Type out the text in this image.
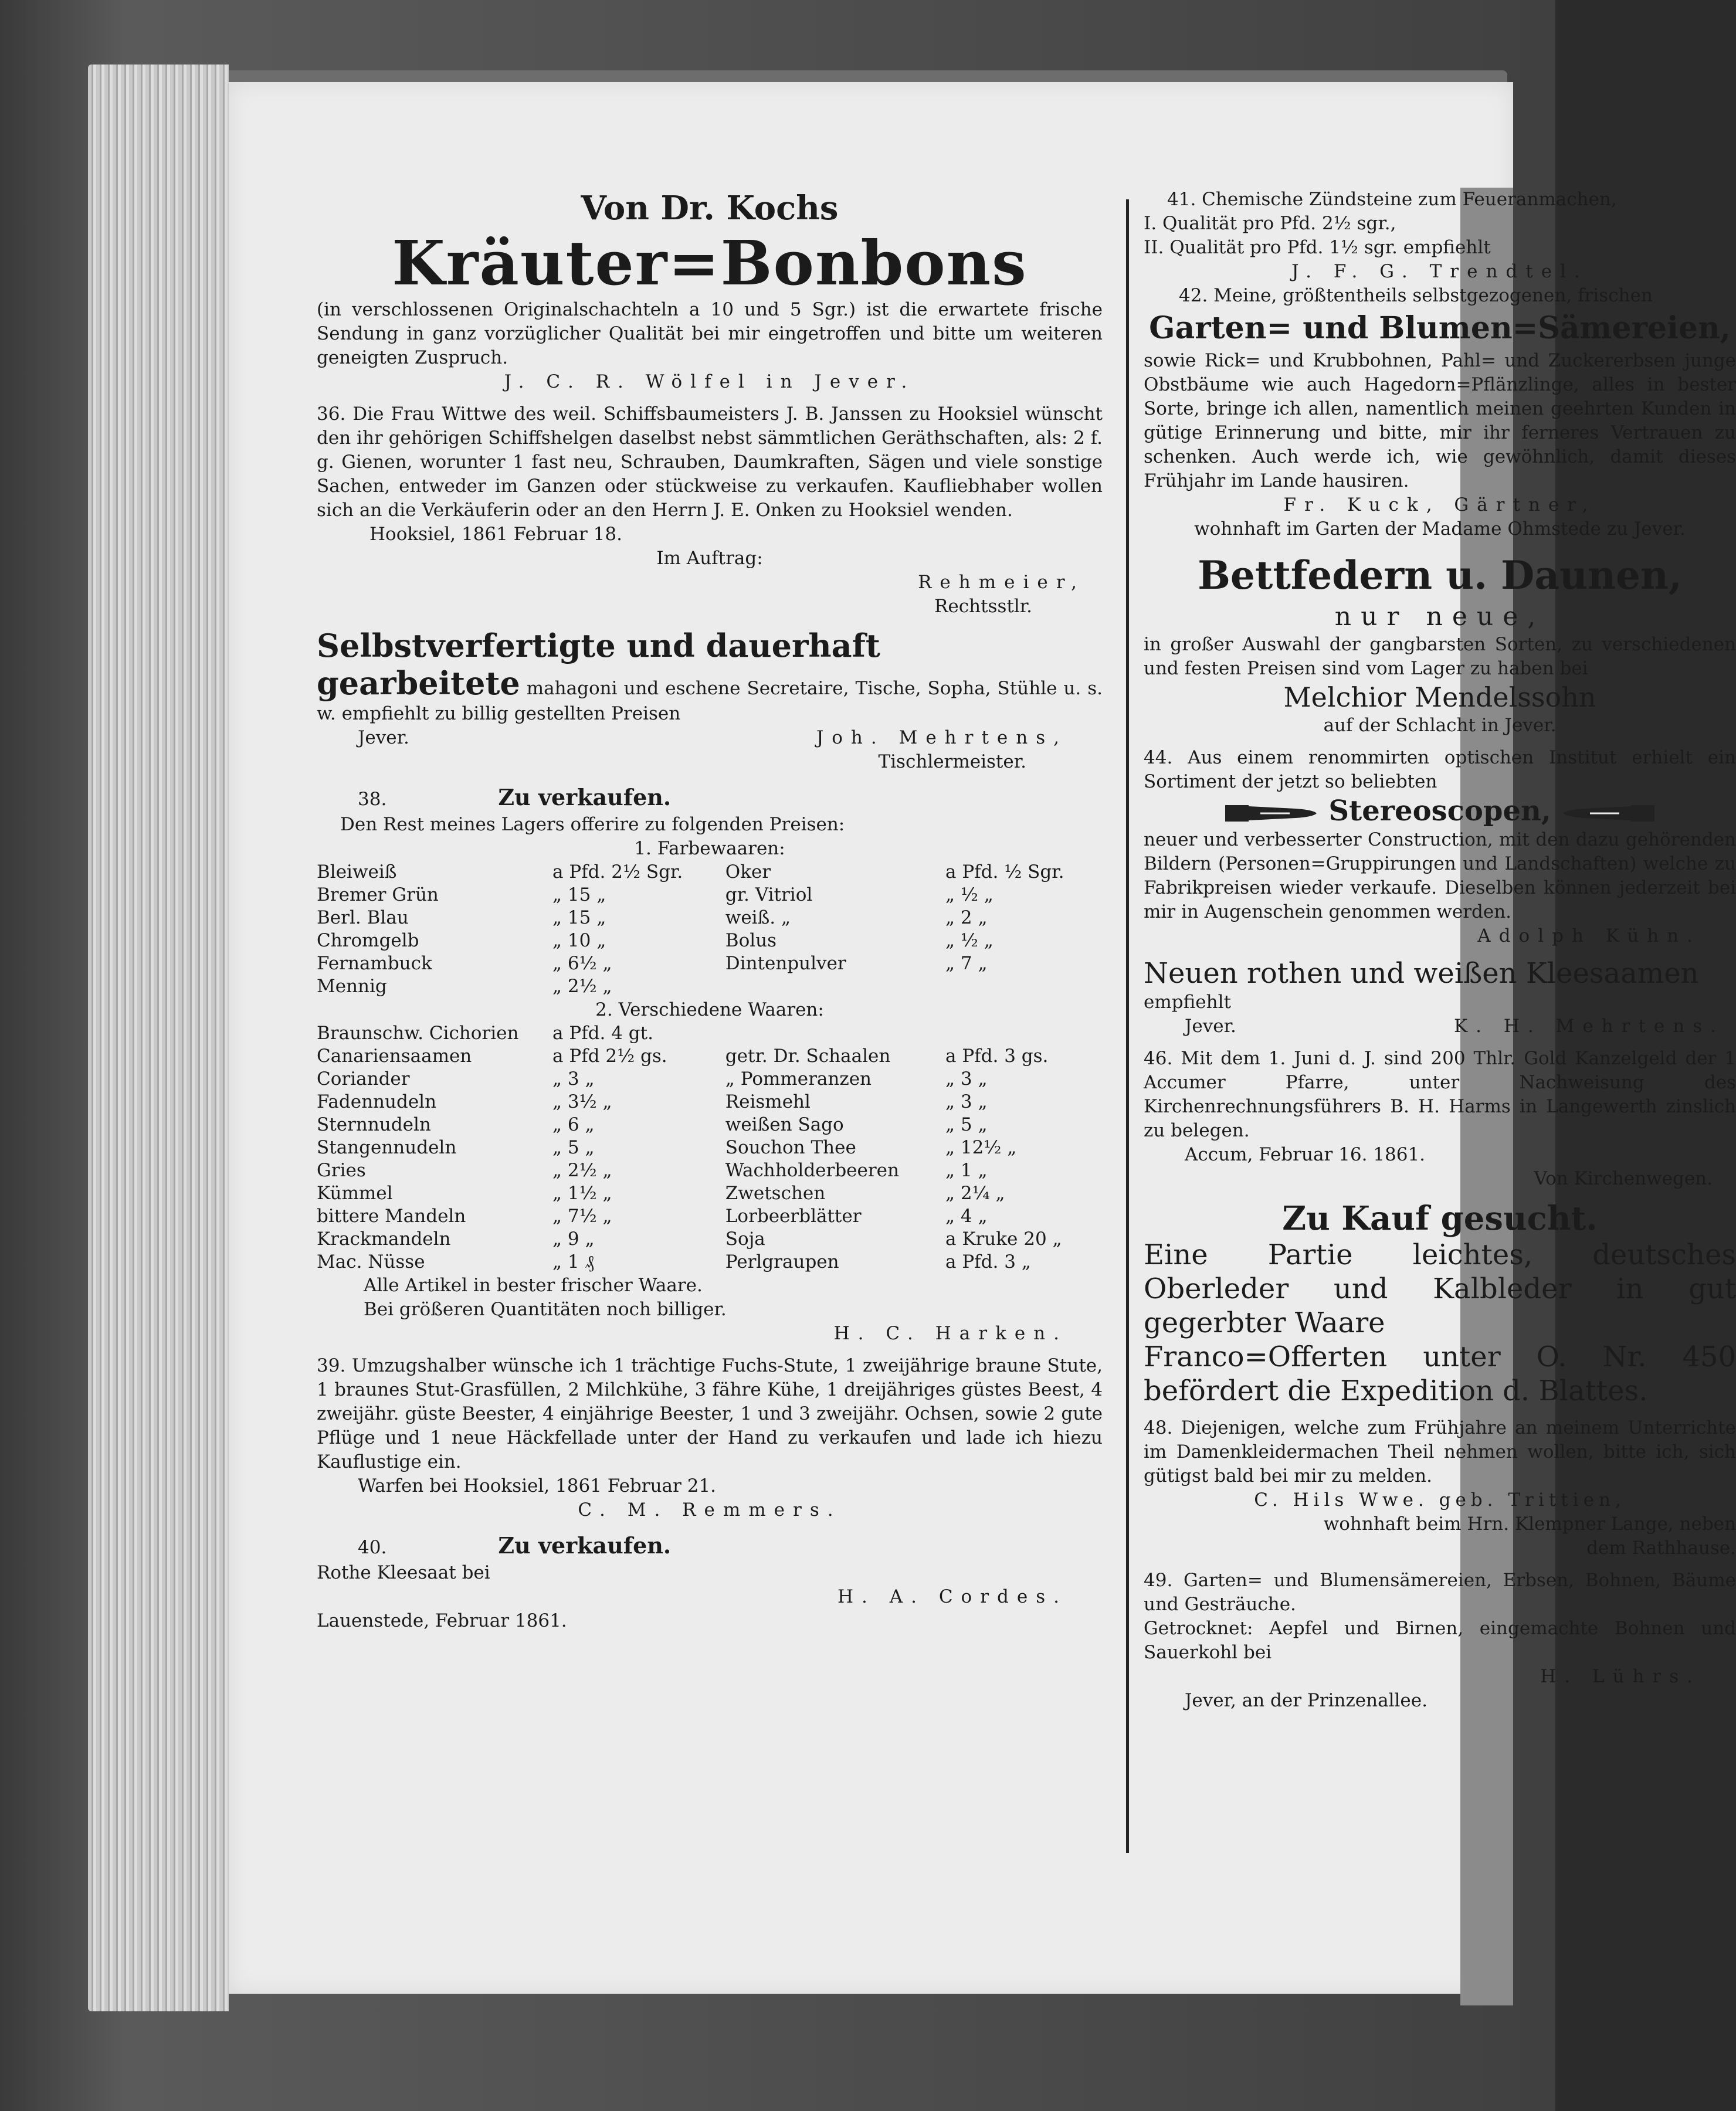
Von Dr. Kochs

Kräuter=Bonbons

(in verschlossenen Originalschachteln a 10 und 5 Sgr.) ist die erwartete frische Sendung in ganz vorzüglicher Qualität bei mir eingetroffen und bitte um weiteren geneigten Zuspruch.

J. C. R. Wölfel in Jever.

36. Die Frau Wittwe des weil. Schiffsbaumeisters J. B. Janssen zu Hooksiel wünscht den ihr gehörigen Schiffshelgen daselbst nebst sämmtlichen Geräthschaften, als: 2 f. g. Gienen, worunter 1 fast neu, Schrauben, Daumkraften, Sägen und viele sonstige Sachen, entweder im Ganzen oder stückweise zu verkaufen. Kaufliebhaber wollen sich an die Verkäuferin oder an den Herrn J. E. Onken zu Hooksiel wenden.

Hooksiel, 1861 Februar 18.

Im Auftrag:

Rehmeier,

Rechtsstlr.

Selbstverfertigte und dauerhaft

gearbeitete mahagoni und eschene Secretaire, Tische, Sopha, Stühle u. s. w. empfiehlt zu billig gestellten Preisen

Jever.	Joh. Mehrtens,

Tischlermeister.

38.	Zu verkaufen.

Den Rest meines Lagers offerire zu folgenden Preisen:

1. Farbewaaren:

Bleiweiß	a Pfd. 2½ Sgr.	Oker	a Pfd. ½ Sgr.
Bremer Grün	„ 15 „	gr. Vitriol	„ ½ „
Berl. Blau	„ 15 „	weiß. „	„ 2 „
Chromgelb	„ 10 „	Bolus	„ ½ „
Fernambuck	„ 6½ „	Dintenpulver	„ 7 „
Mennig	„ 2½ „		

2. Verschiedene Waaren:

Braunschw. Cichorien	a Pfd. 4 gt.		
Canariensaamen	a Pfd 2½ gs.	getr. Dr. Schaalen	a Pfd. 3 gs.
Coriander	„ 3 „	„ Pommeranzen	„ 3 „
Fadennudeln	„ 3½ „	Reismehl	„ 3 „
Sternnudeln	„ 6 „	weißen Sago	„ 5 „
Stangennudeln	„ 5 „	Souchon Thee	„ 12½ „
Gries	„ 2½ „	Wachholderbeeren	„ 1 „
Kümmel	„ 1½ „	Zwetschen	„ 2¼ „
bittere Mandeln	„ 7½ „	Lorbeerblätter	„ 4 „
Krackmandeln	„ 9 „	Soja	a Kruke 20 „
Mac. Nüsse	„ 1 ₰	Perlgraupen	a Pfd. 3 „

Alle Artikel in bester frischer Waare.

Bei größeren Quantitäten noch billiger.

H. C. Harken.

39. Umzugshalber wünsche ich 1 trächtige Fuchs-Stute, 1 zweijährige braune Stute, 1 braunes Stut-Grasfüllen, 2 Milchkühe, 3 fähre Kühe, 1 dreijähriges güstes Beest, 4 zweijähr. güste Beester, 4 einjährige Beester, 1 und 3 zweijähr. Ochsen, sowie 2 gute Pflüge und 1 neue Häckfellade unter der Hand zu verkaufen und lade ich hiezu Kauflustige ein.

Warfen bei Hooksiel, 1861 Februar 21.

C. M. Remmers.

40.	Zu verkaufen.

Rothe Kleesaat bei

H. A. Cordes.

Lauenstede, Februar 1861.

41. Chemische Zündsteine zum Feueranmachen,

I. Qualität pro Pfd. 2½ sgr.,

II. Qualität pro Pfd. 1½ sgr. empfiehlt

J. F. G. Trendtel.

42. Meine, größtentheils selbstgezogenen, frischen

Garten= und Blumen=Sämereien,

sowie Rick= und Krubbohnen, Pahl= und Zuckererbsen junge Obstbäume wie auch Hagedorn=Pflänzlinge, alles in bester Sorte, bringe ich allen, namentlich meinen geehrten Kunden in gütige Erinnerung und bitte, mir ihr ferneres Vertrauen zu schenken. Auch werde ich, wie gewöhnlich, damit dieses Frühjahr im Lande hausiren.

Fr. Kuck, Gärtner,

wohnhaft im Garten der Madame Ohmstede zu Jever.

Bettfedern u. Daunen,

nur neue,

in großer Auswahl der gangbarsten Sorten, zu verschiedenen und festen Preisen sind vom Lager zu haben bei

Melchior Mendelssohn

auf der Schlacht in Jever.

44. Aus einem renommirten optischen Institut erhielt ein Sortiment der jetzt so beliebten

Stereoscopen,

neuer und verbesserter Construction, mit den dazu gehörenden Bildern (Personen=Gruppirungen und Landschaften) welche zu Fabrikpreisen wieder verkaufe. Dieselben können jederzeit bei mir in Augenschein genommen werden.

Adolph Kühn.

Neuen rothen und weißen Kleesaamen

empfiehlt

Jever.	K. H. Mehrtens.

46. Mit dem 1. Juni d. J. sind 200 Thlr. Gold Kanzelgeld der 1 Accumer Pfarre, unter Nachweisung des Kirchenrechnungsführers B. H. Harms in Langewerth zinslich zu belegen.

Accum, Februar 16. 1861.

Von Kirchenwegen.

Zu Kauf gesucht.

Eine Partie leichtes, deutsches Oberleder und Kalbleder in gut gegerbter Waare

Franco=Offerten unter O. Nr. 450 befördert die Expedition d. Blattes.

48. Diejenigen, welche zum Frühjahre an meinem Unterrichte im Damenkleidermachen Theil nehmen wollen, bitte ich, sich gütigst bald bei mir zu melden.

C. Hils Wwe. geb. Trittien,

wohnhaft beim Hrn. Klempner Lange, neben dem Rathhause.

49. Garten= und Blumensämereien, Erbsen, Bohnen, Bäume und Gesträuche.

Getrocknet: Aepfel und Birnen, eingemachte Bohnen und Sauerkohl bei

H. Lührs.

Jever, an der Prinzenallee.
